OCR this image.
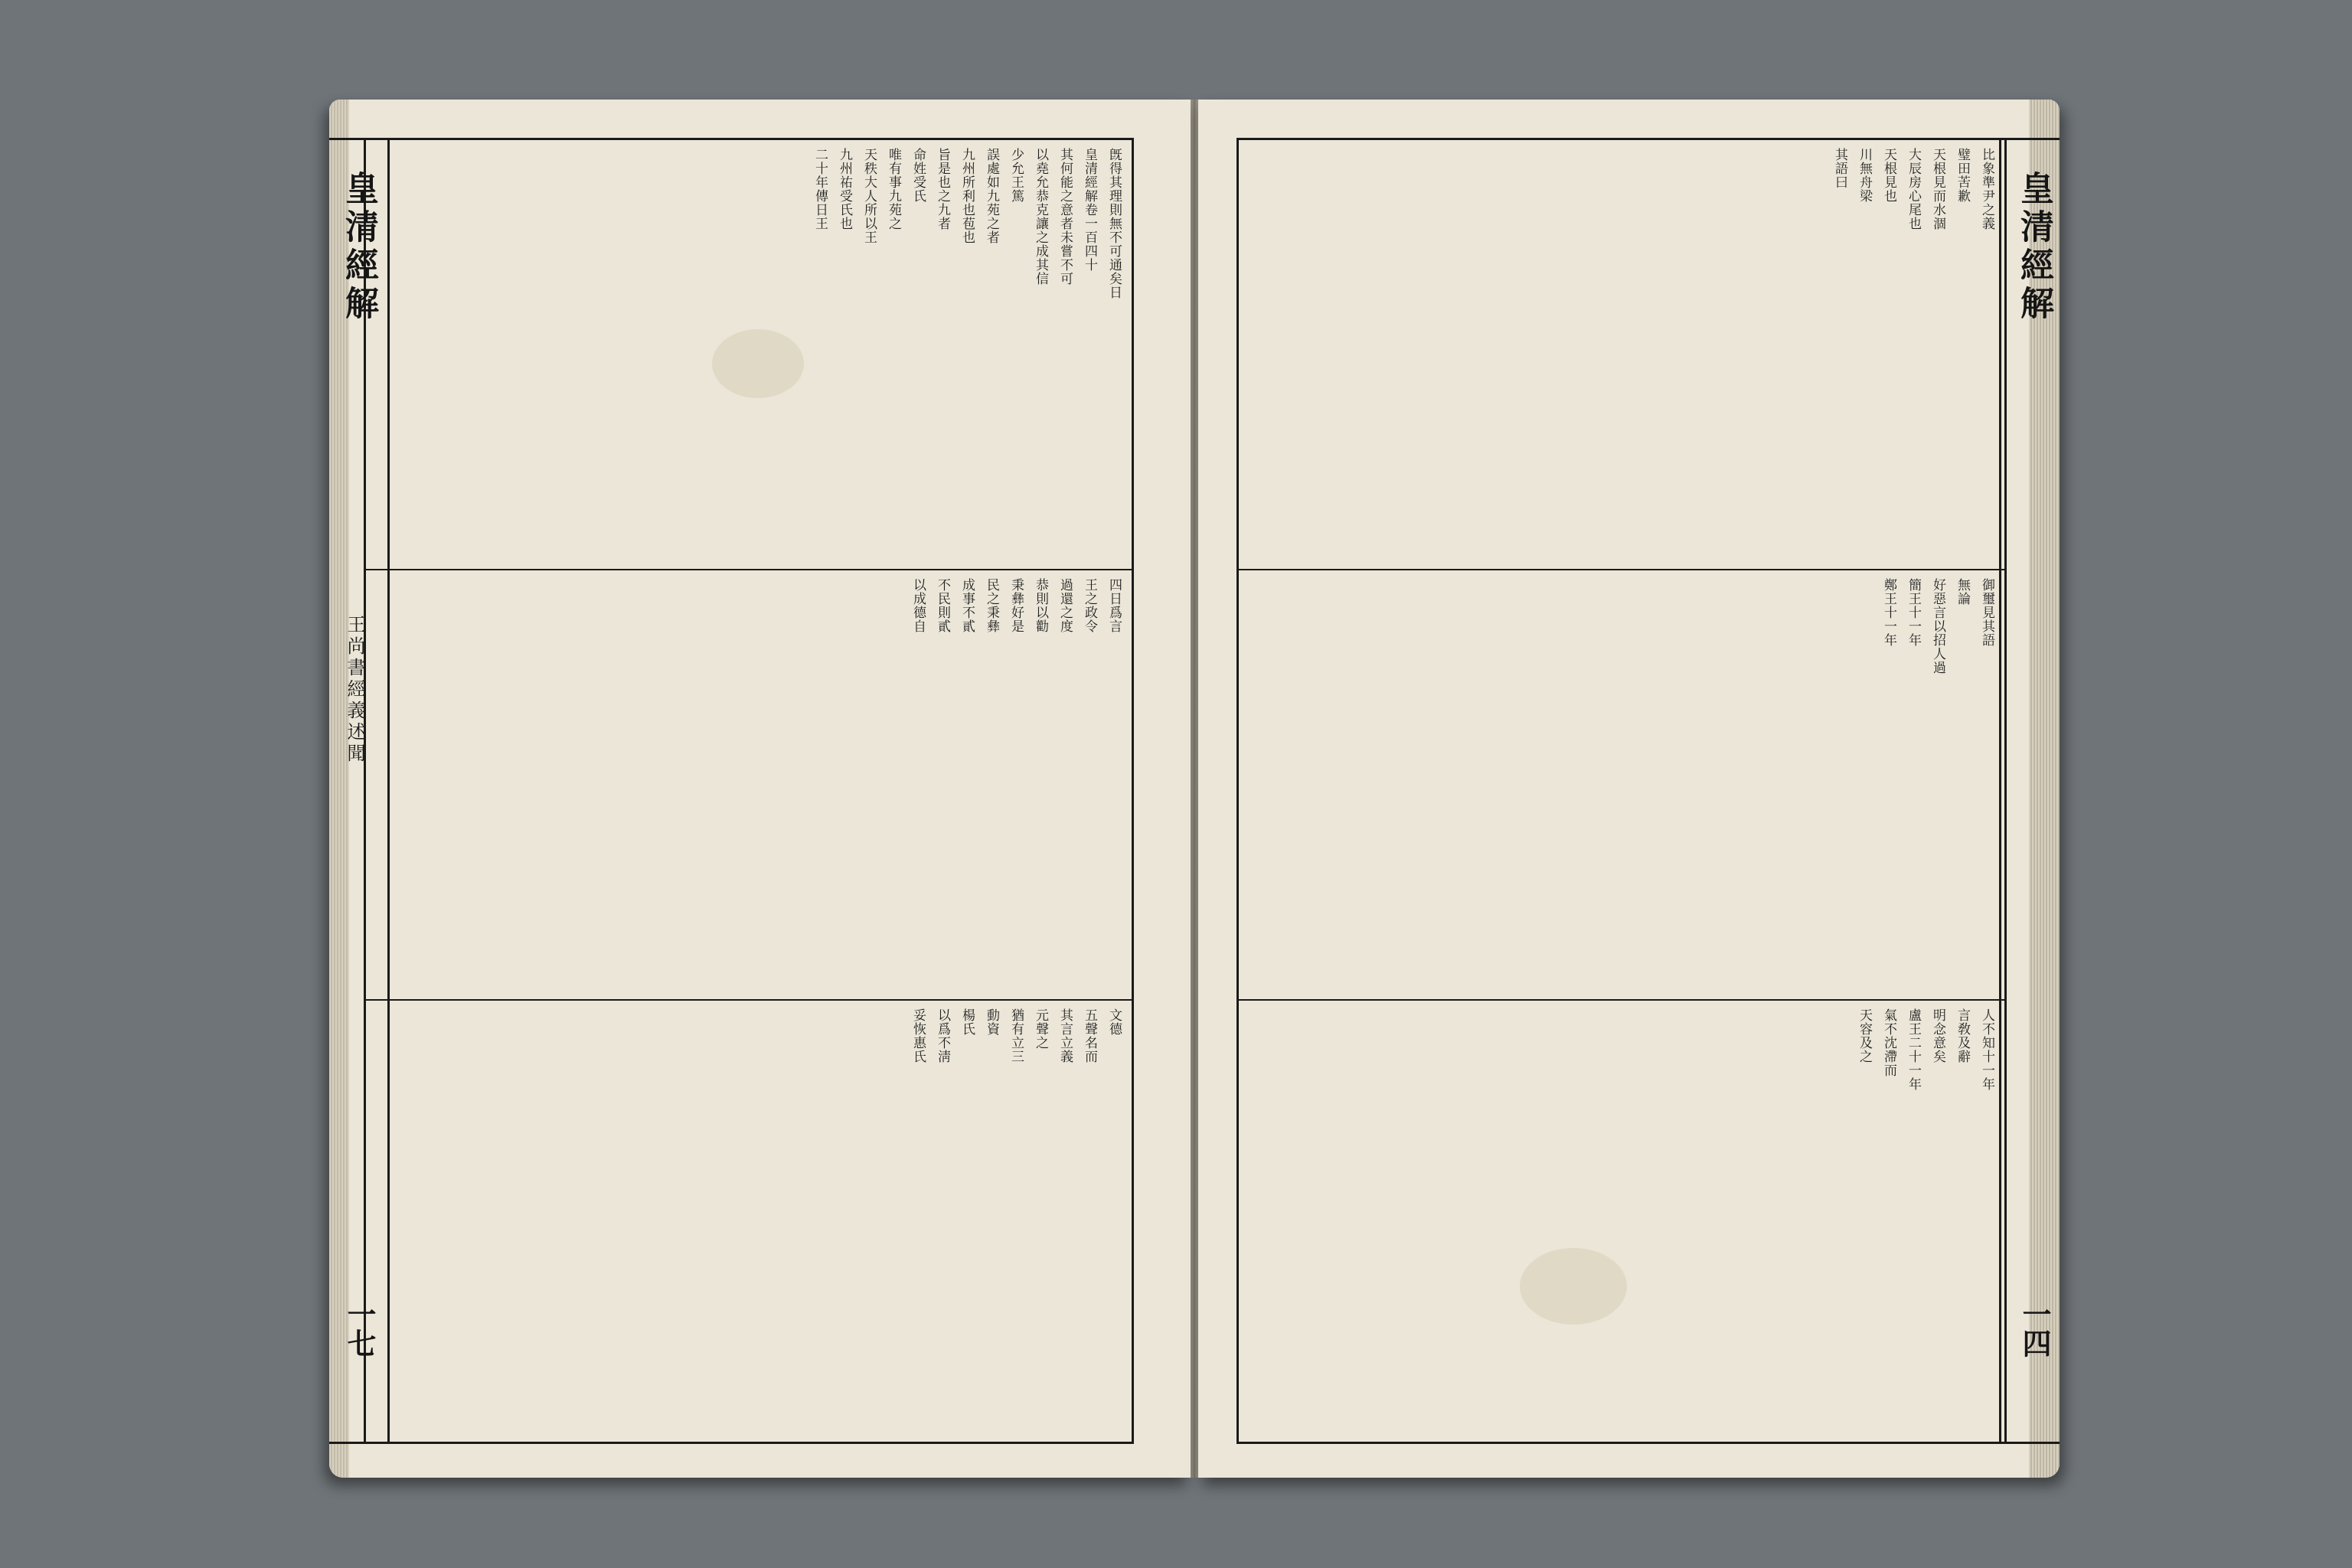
旣得其理則無不可通矣日
皇清經解卷一百四十
其何能之意者未嘗不可
以堯允恭克讓之成其信
少允王篤
誤處如九苑之者
九州所利也苞也
旨是也之九者
命姓受氏
唯有事九苑之
天秩大人所以王
九州祐受氏也
二十年傳日王
四日爲言
王之政令
過還之度
恭則以勸
秉彝好是
民之秉彝
成事不貳
不民則貳
以成德自
文德
五聲名而
其言立義
元聲之
猶有立三
動資
楊氏
以爲不淸
妥恢惠氏
皇清經解
王尚書經義述聞
一七
比象準尹之義
璧田苦歉
天根見而水涸
大辰房心尾也
天根見也
川無舟梁
其語曰
御璽見其語
無論
好惡言以招人過
簡王十一年
鄭王十一年
人不知十一年
言敎及辭
明念意矣
盧王二十一年
氣不沈滯而
天容及之
皇清經解
一四
